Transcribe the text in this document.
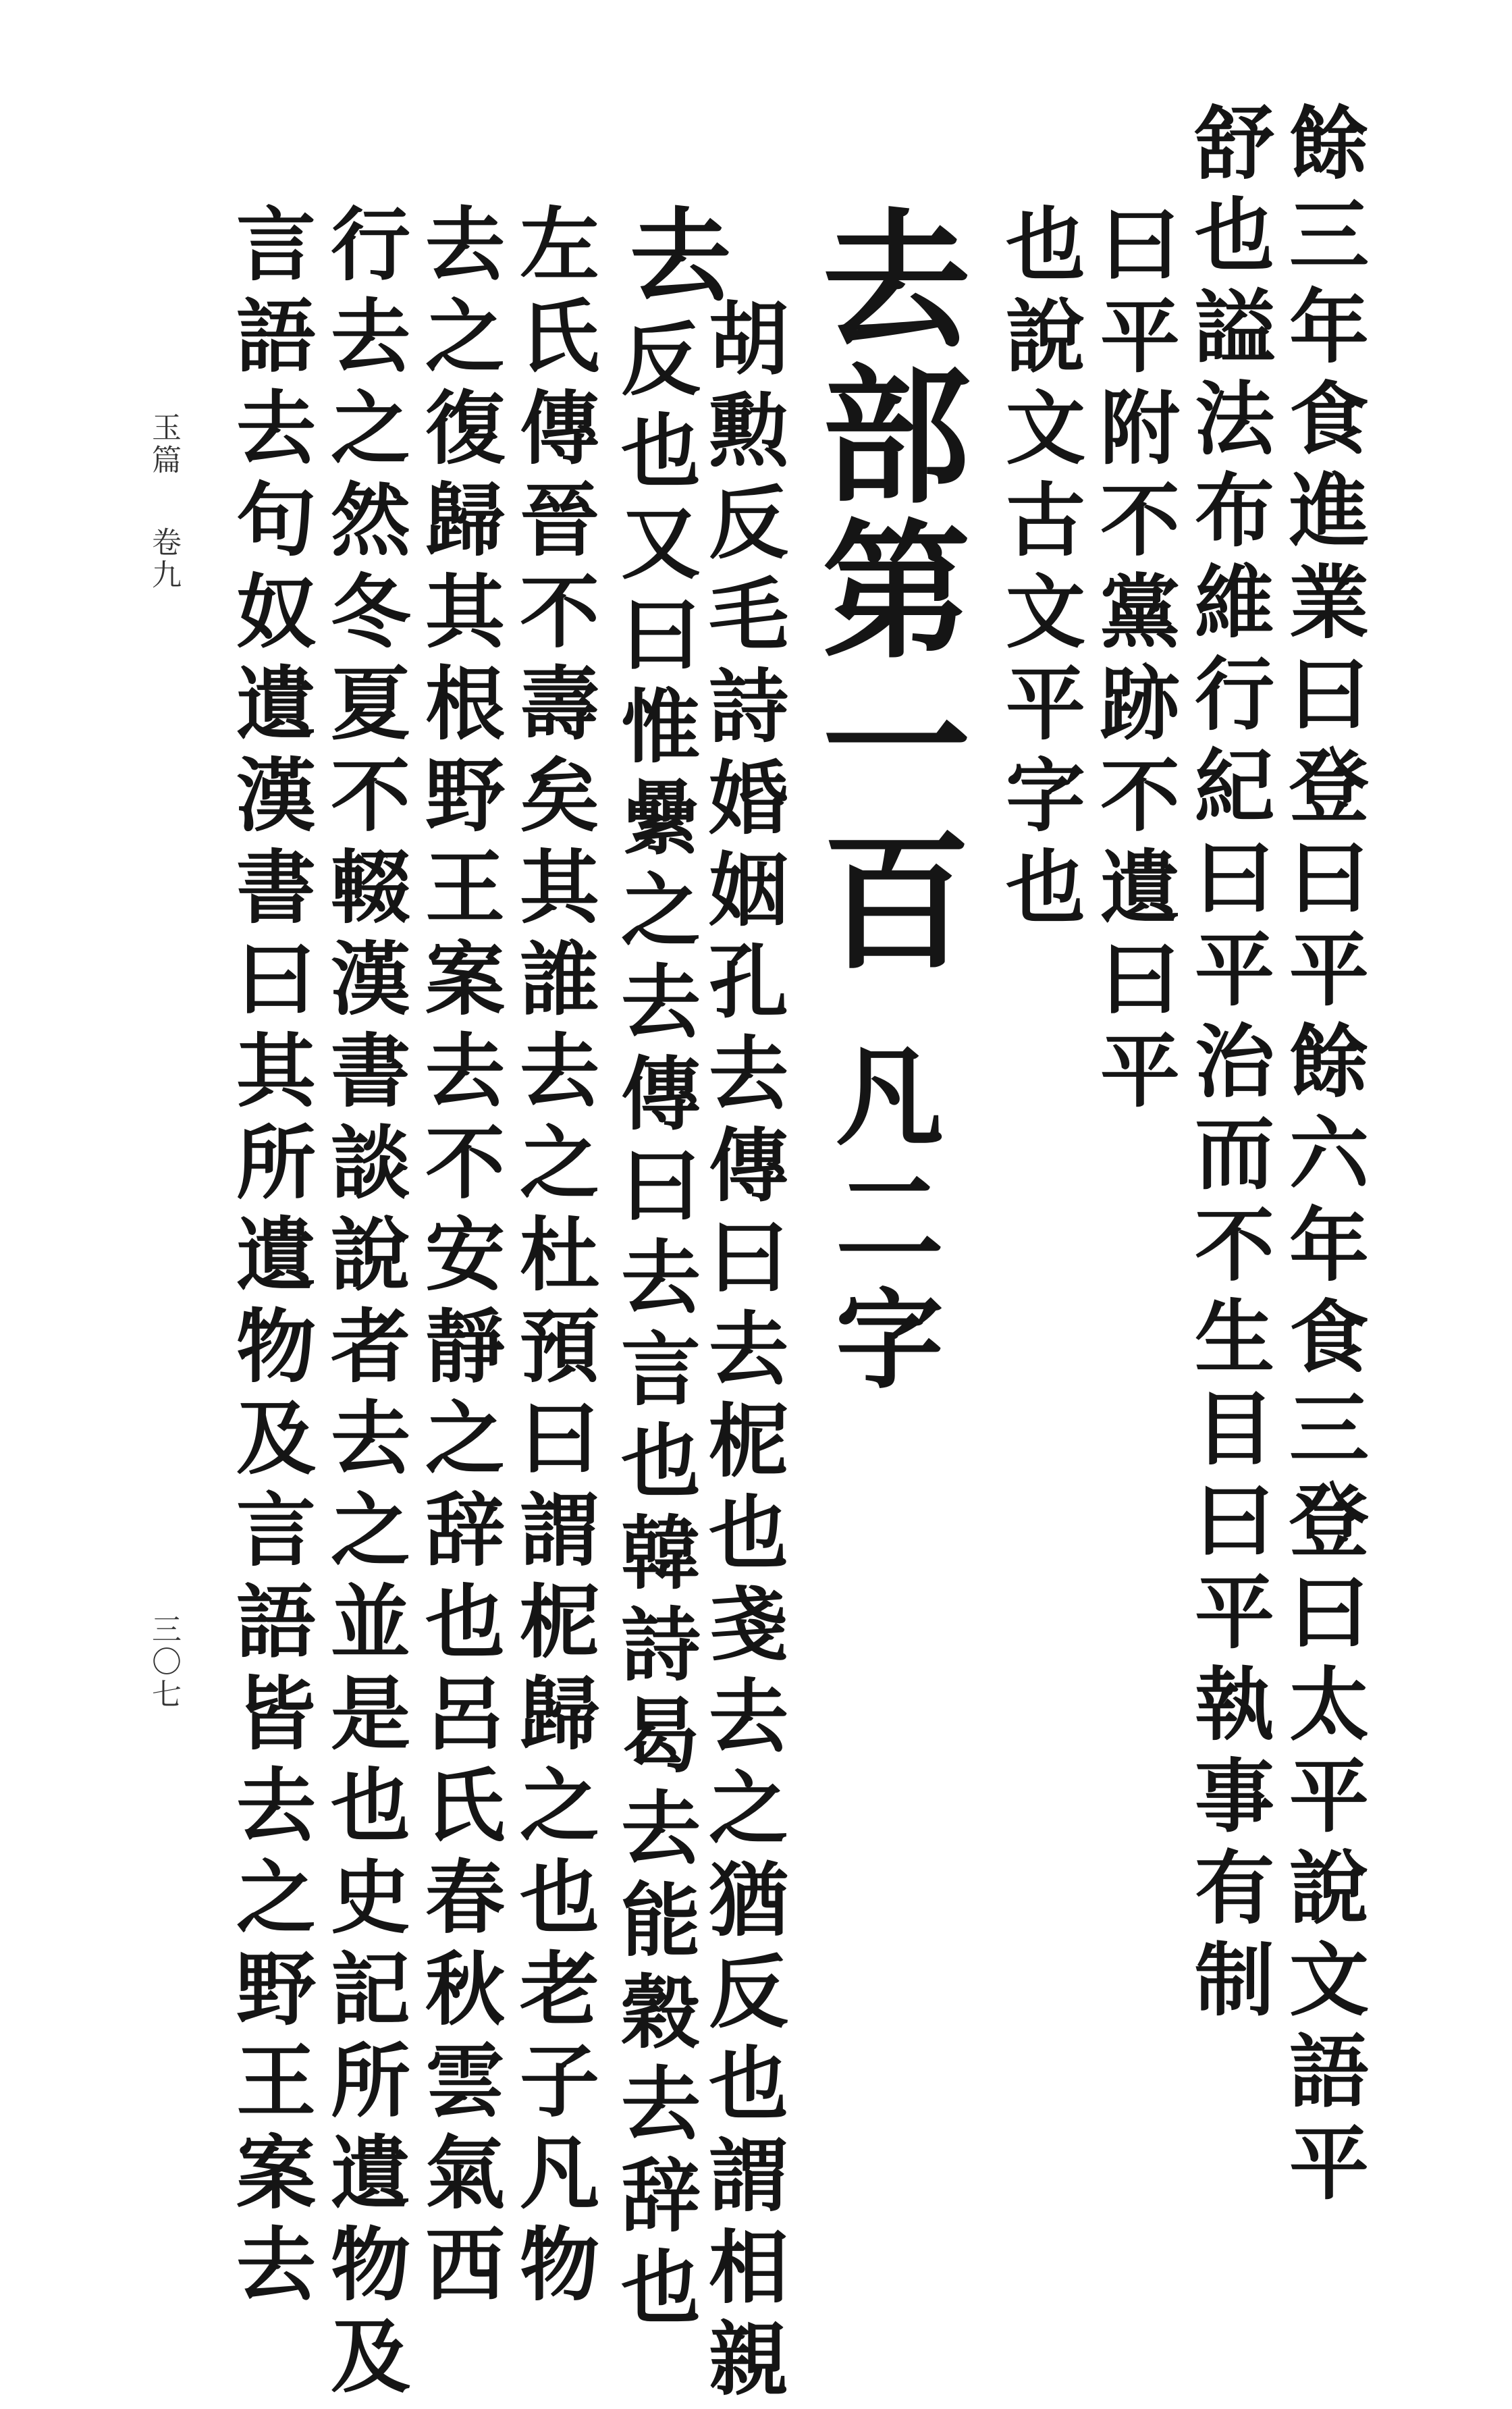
餘三年食進業曰登曰平餘六年食三登曰太平說文語平
舒也謚法布維行紀曰平治而不生目曰平執事有制
曰平附不黨跡不遺曰平
也說文古文平字也
去部第一百
凡二字
去
胡勲反毛詩婚姻孔去傳曰去柅也戔去之猶反也謂相親
反也又曰惟纍之去傳曰去言也韓詩曷去能穀去辞也
左氏傳晉不壽矣其誰去之杜預曰謂柅歸之也老子凡物
去之復歸其根野王案去不安靜之辞也呂氏春秋雲氣西
行去之然冬夏不輟漢書談說者去之並是也史記所遺物及
言語去句奴遺漢書曰其所遺物及言語皆去之野王案去
玉篇
卷九
三〇七
